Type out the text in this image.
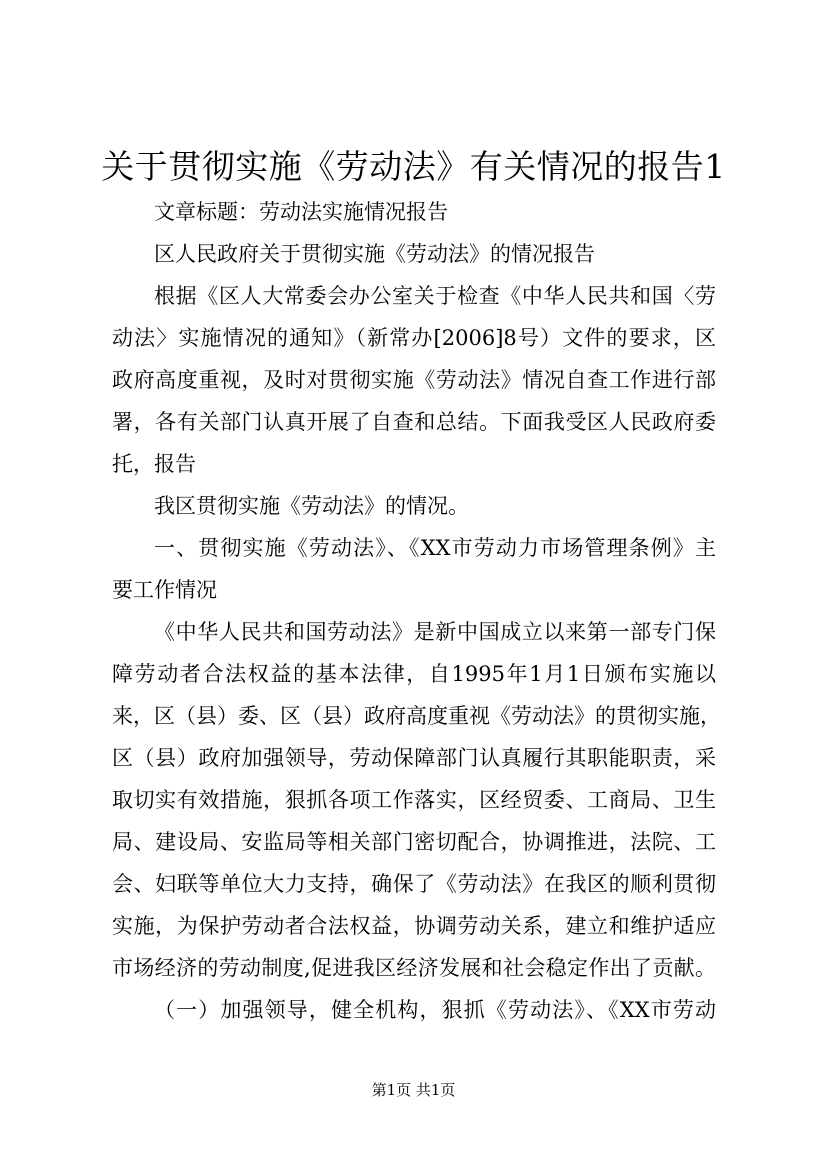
关于贯彻实施《劳动法》有关情况的报告1

文章标题：劳动法实施情况报告

区人民政府关于贯彻实施《劳动法》的情况报告

根据《区人大常委会办公室关于检查《中华人民共和国〈劳

动法〉实施情况的通知》（新常办[2006]8号）文件的要求，区

政府高度重视，及时对贯彻实施《劳动法》情况自查工作进行部

署，各有关部门认真开展了自查和总结。下面我受区人民政府委

托，报告

我区贯彻实施《劳动法》的情况。

一、贯彻实施《劳动法》、《XX市劳动力市场管理条例》主

要工作情况

《中华人民共和国劳动法》是新中国成立以来第一部专门保

障劳动者合法权益的基本法律，自1995年1月1日颁布实施以

来，区（县）委、区（县）政府高度重视《劳动法》的贯彻实施，

区（县）政府加强领导，劳动保障部门认真履行其职能职责，采

取切实有效措施，狠抓各项工作落实，区经贸委、工商局、卫生

局、建设局、安监局等相关部门密切配合，协调推进，法院、工

会、妇联等单位大力支持，确保了《劳动法》在我区的顺利贯彻

实施，为保护劳动者合法权益，协调劳动关系，建立和维护适应

市场经济的劳动制度,促进我区经济发展和社会稳定作出了贡献。

（一）加强领导，健全机构，狠抓《劳动法》、《XX市劳动

第1页 共1页
